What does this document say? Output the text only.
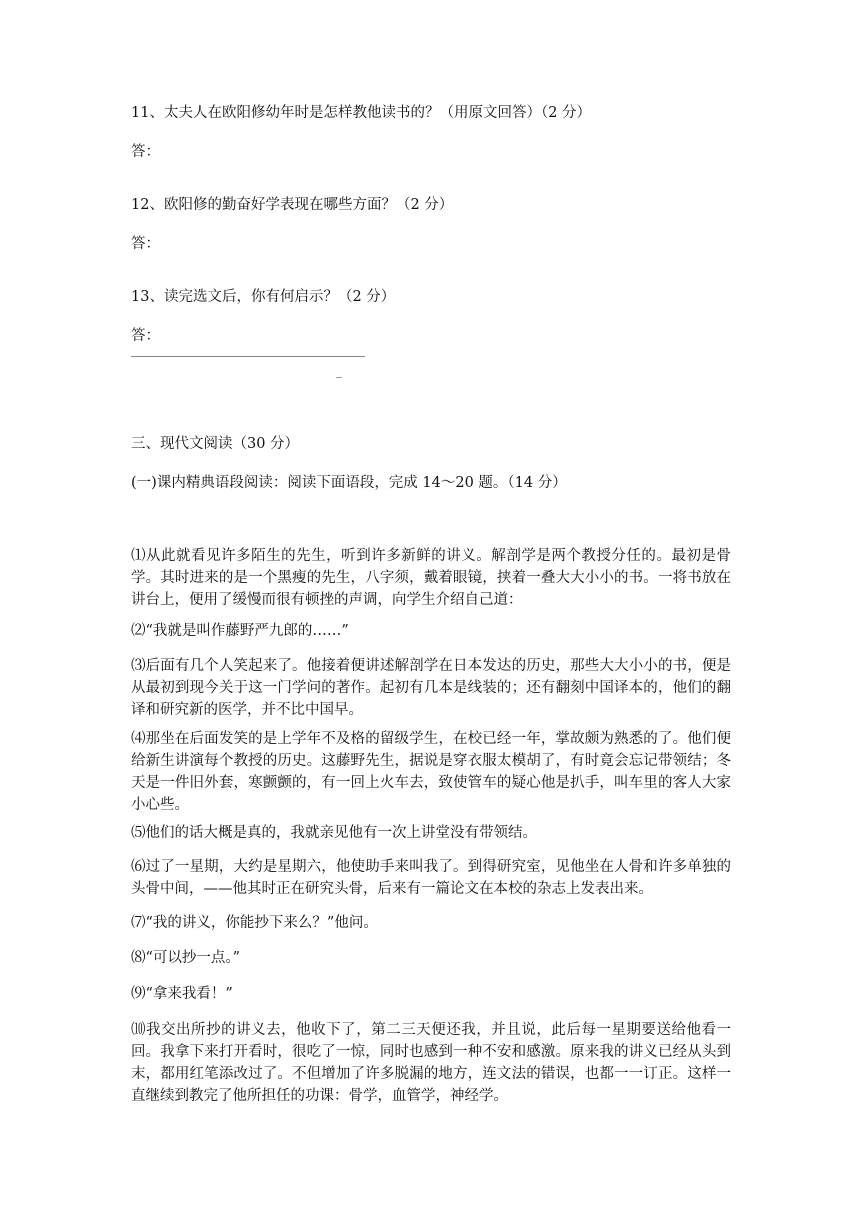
11、太夫人在欧阳修幼年时是怎样教他读书的？（用原文回答）（2 分）
答：
12、欧阳修的勤奋好学表现在哪些方面？（2 分）
答：
13、读完选文后，你有何启示？（2 分）
答：
_
三、现代文阅读（30 分）
(一)课内精典语段阅读：阅读下面语段，完成 14～20 题。（14 分）
⑴从此就看见许多陌生的先生，听到许多新鲜的讲义。解剖学是两个教授分任的。最初是骨学。其时进来的是一个黑瘦的先生，八字须，戴着眼镜，挟着一叠大大小小的书。一将书放在讲台上，便用了缓慢而很有顿挫的声调，向学生介绍自己道：
⑵“我就是叫作藤野严九郎的……”
⑶后面有几个人笑起来了。他接着便讲述解剖学在日本发达的历史，那些大大小小的书，便是从最初到现今关于这一门学问的著作。起初有几本是线装的；还有翻刻中国译本的，他们的翻译和研究新的医学，并不比中国早。
⑷那坐在后面发笑的是上学年不及格的留级学生，在校已经一年，掌故颇为熟悉的了。他们便给新生讲演每个教授的历史。这藤野先生，据说是穿衣服太模胡了，有时竟会忘记带领结；冬天是一件旧外套，寒颤颤的，有一回上火车去，致使管车的疑心他是扒手，叫车里的客人大家小心些。
⑸他们的话大概是真的，我就亲见他有一次上讲堂没有带领结。
⑹过了一星期，大约是星期六，他使助手来叫我了。到得研究室，见他坐在人骨和许多单独的头骨中间，——他其时正在研究头骨，后来有一篇论文在本校的杂志上发表出来。
⑺“我的讲义，你能抄下来么？”他问。
⑻“可以抄一点。”
⑼“拿来我看！”
⑽我交出所抄的讲义去，他收下了，第二三天便还我，并且说，此后每一星期要送给他看一回。我拿下来打开看时，很吃了一惊，同时也感到一种不安和感激。原来我的讲义已经从头到末，都用红笔添改过了。不但增加了许多脱漏的地方，连文法的错误，也都一一订正。这样一直继续到教完了他所担任的功课：骨学，血管学，神经学。
